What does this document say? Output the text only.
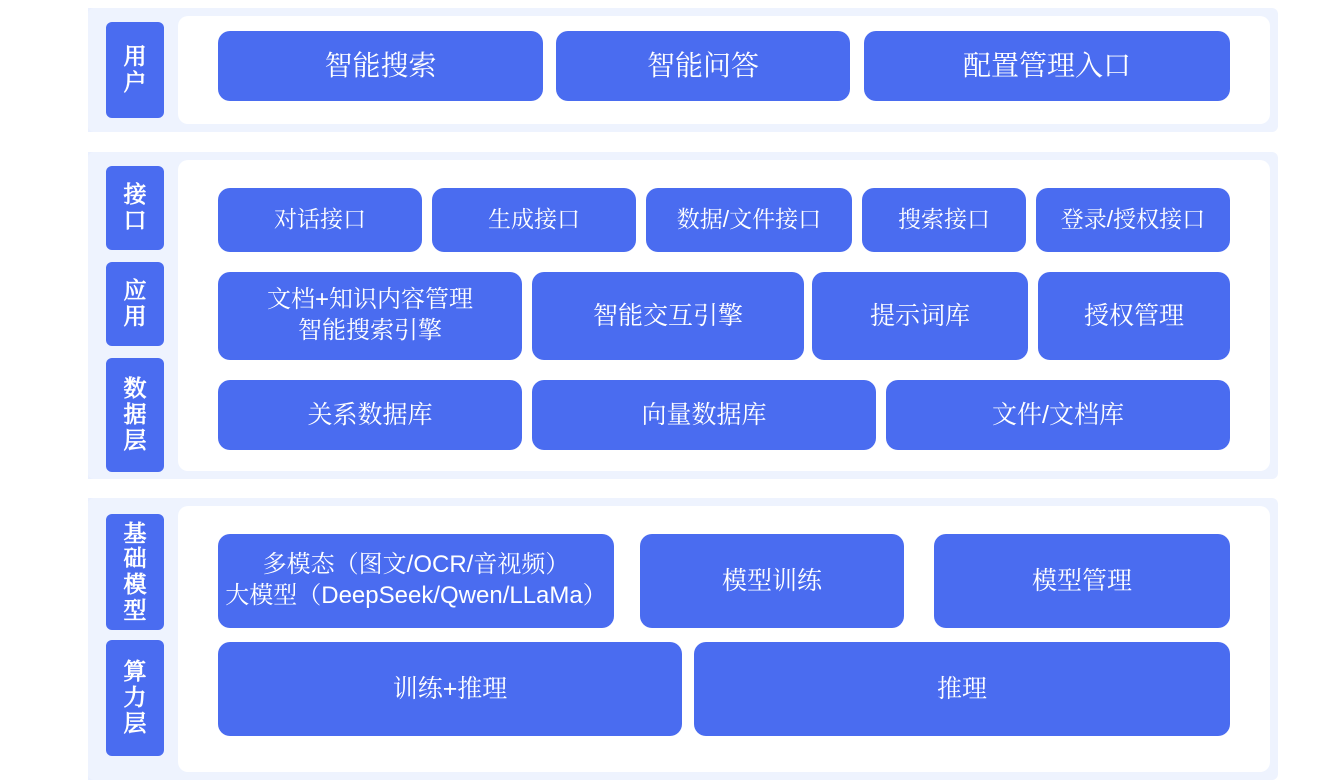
用户
智能搜索	智能问答	配置管理入口
接口
应用
数据层
对话接口	生成接口	数据/文件接口	搜索接口	登录/授权接口
文档+知识内容管理
智能搜索引擎
智能交互引擎	提示词库	授权管理
关系数据库	向量数据库	文件/文档库
基础模型
算力层
多模态（图文/OCR/音视频）
大模型（DeepSeek/Qwen/LLaMa）
模型训练	模型管理
训练+推理	推理
